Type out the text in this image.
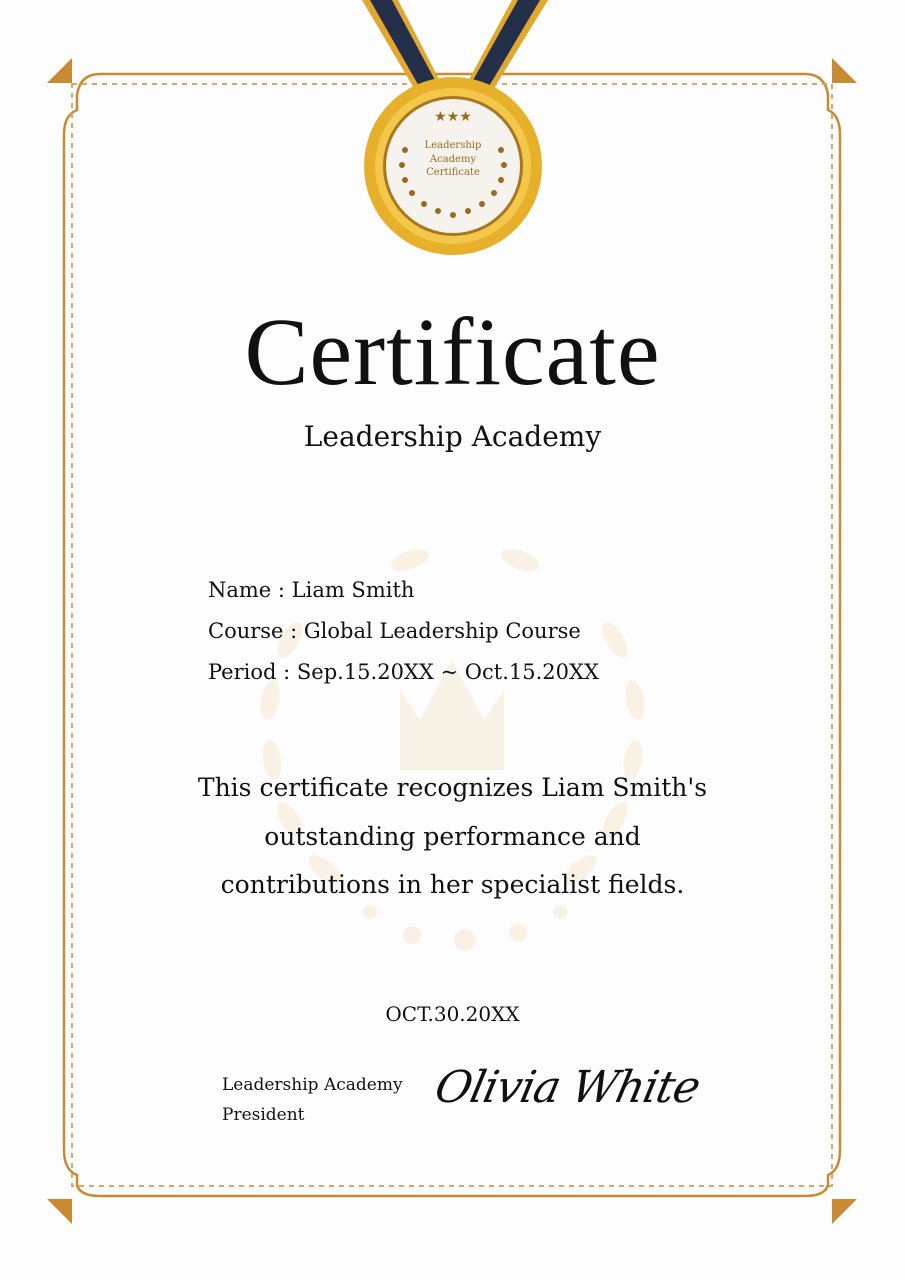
★★★
Leadership
Academy
Certificate
Certificate
Leadership Academy
Name : Liam Smith
Course : Global Leadership Course
Period : Sep.15.20XX ~ Oct.15.20XX
This certificate recognizes Liam Smith's
outstanding performance and
contributions in her specialist fields.
OCT.30.20XX
Leadership Academy
President
Olivia White
